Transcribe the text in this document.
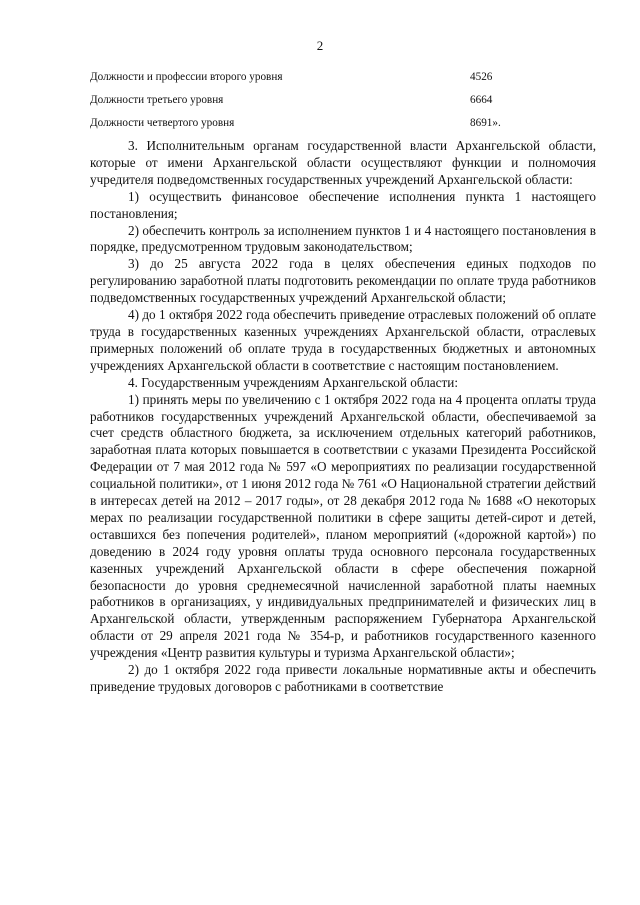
2
Должности и профессии второго уровня	4526
Должности третьего уровня	6664
Должности четвертого уровня	8691».

3. Исполнительным органам государственной власти Архангельской области, которые от имени Архангельской области осуществляют функции и полномочия учредителя подведомственных государственных учреждений Архангельской области:

1) осуществить финансовое обеспечение исполнения пункта 1 настоящего постановления;

2) обеспечить контроль за исполнением пунктов 1 и 4 настоящего постановления в порядке, предусмотренном трудовым законодательством;

3) до 25 августа 2022 года в целях обеспечения единых подходов по регулированию заработной платы подготовить рекомендации по оплате труда работников подведомственных государственных учреждений Архангельской области;

4) до 1 октября 2022 года обеспечить приведение отраслевых положений об оплате труда в государственных казенных учреждениях Архангельской области, отраслевых примерных положений об оплате труда в государственных бюджетных и автономных учреждениях Архангельской области в соответствие с настоящим постановлением.

4. Государственным учреждениям Архангельской области:

1) принять меры по увеличению с 1 октября 2022 года на 4 процента оплаты труда работников государственных учреждений Архангельской области, обеспечиваемой за счет средств областного бюджета, за исключением отдельных категорий работников, заработная плата которых повышается в соответствии с указами Президента Российской Федерации от 7 мая 2012 года № 597 «О мероприятиях по реализации государственной социальной политики», от 1 июня 2012 года № 761 «О Национальной стратегии действий в интересах детей на 2012 – 2017 годы», от 28 декабря 2012 года № 1688 «О некоторых мерах по реализации государственной политики в сфере защиты детей-сирот и детей, оставшихся без попечения родителей», планом мероприятий («дорожной картой») по доведению в 2024 году уровня оплаты труда основного персонала государственных казенных учреждений Архангельской области в сфере обеспечения пожарной безопасности до уровня среднемесячной начисленной заработной платы наемных работников в организациях, у индивидуальных предпринимателей и физических лиц в Архангельской области, утвержденным распоряжением Губернатора Архангельской области от 29 апреля 2021 года № 354-р, и работников государственного казенного учреждения «Центр развития культуры и туризма Архангельской области»;

2) до 1 октября 2022 года привести локальные нормативные акты и обеспечить приведение трудовых договоров с работниками в соответствие
